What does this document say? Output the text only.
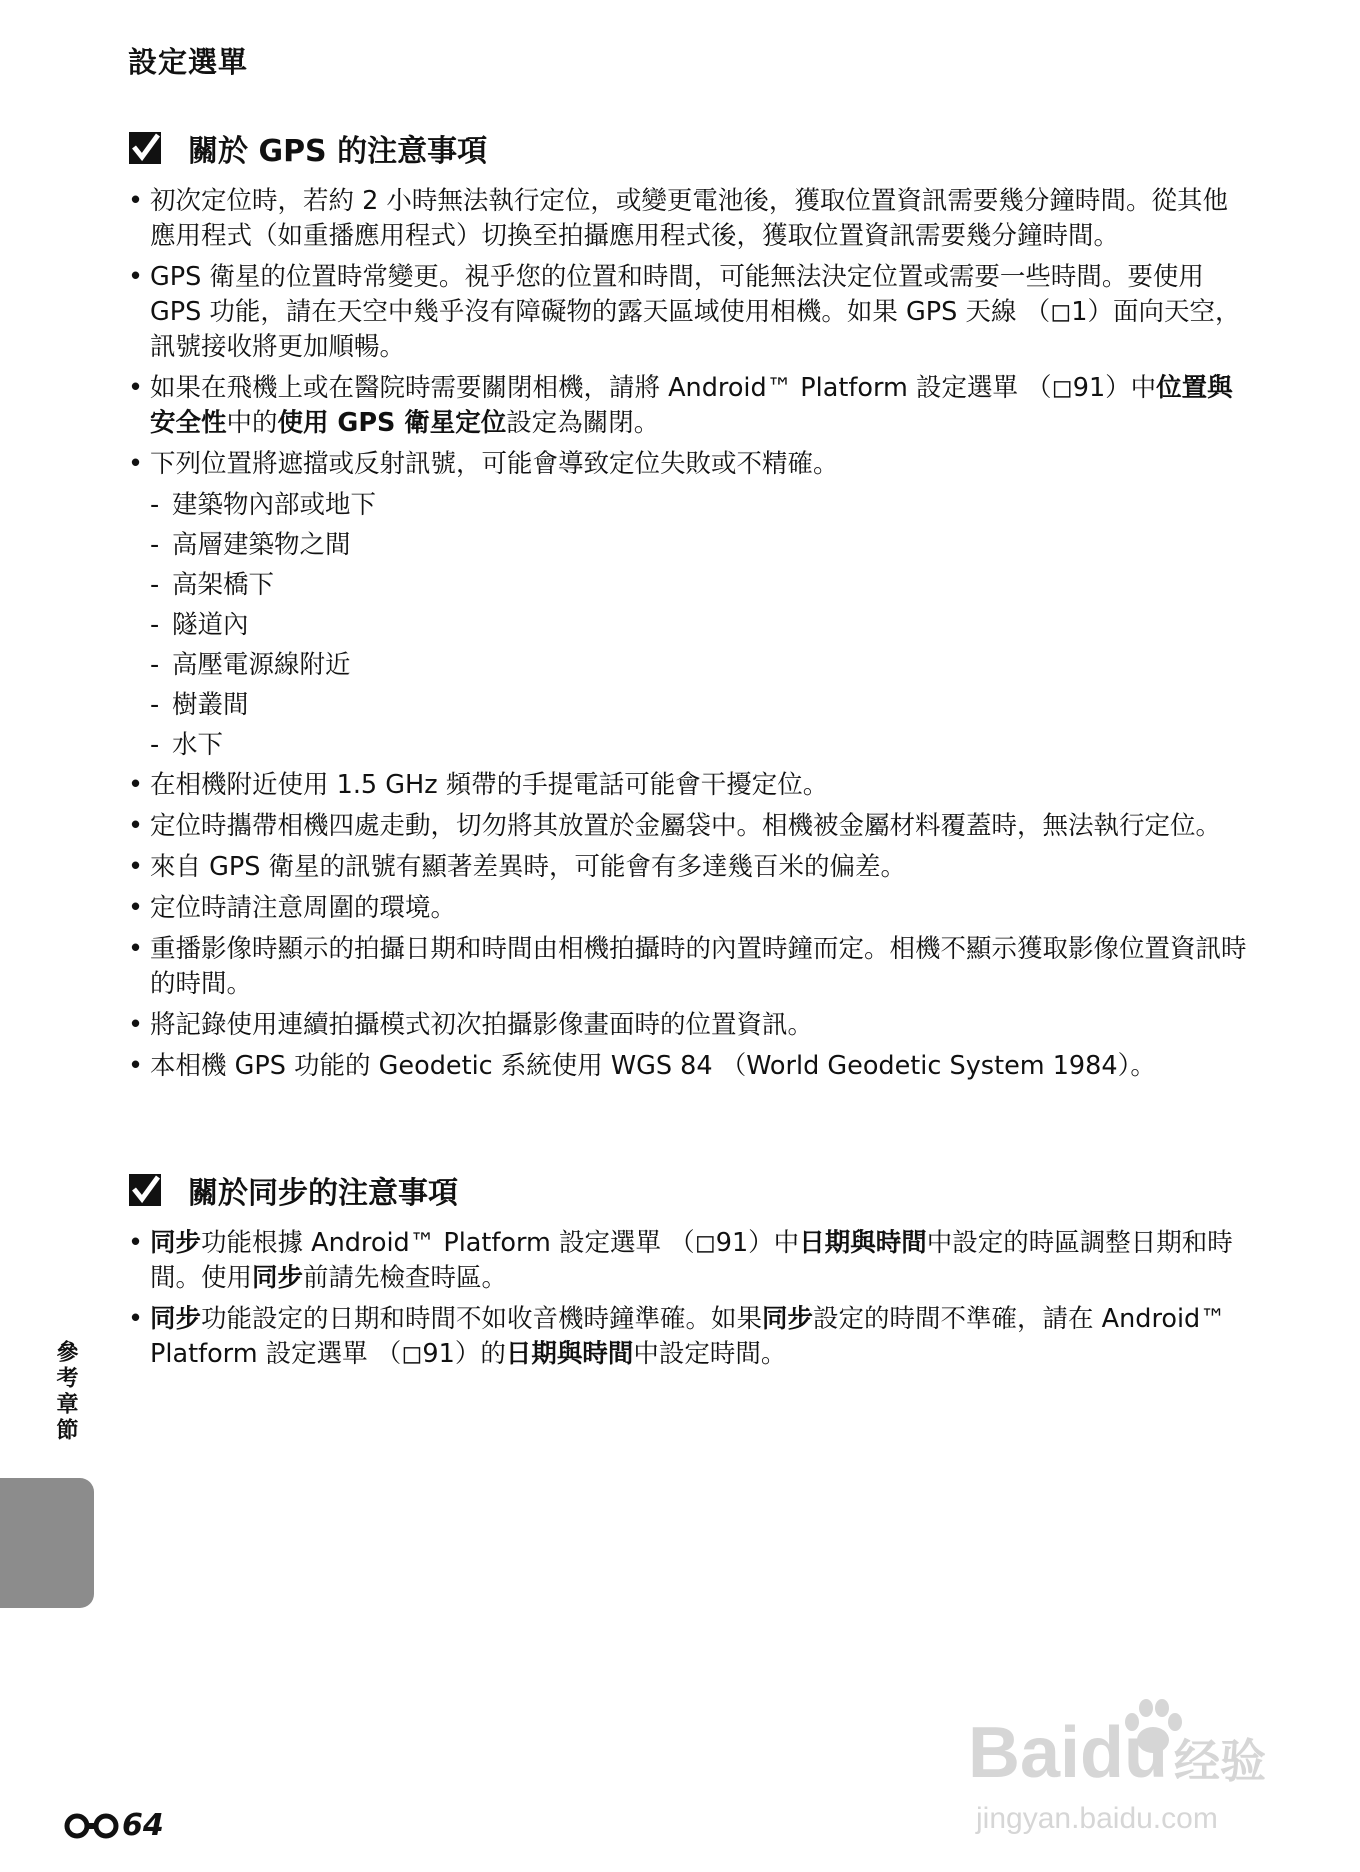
設定選單
關於 GPS 的注意事項
• 初次定位時，若約 2 小時無法執行定位，或變更電池後，獲取位置資訊需要幾分鐘時間。從其他應用程式（如重播應用程式）切換至拍攝應用程式後，獲取位置資訊需要幾分鐘時間。
• GPS 衛星的位置時常變更。視乎您的位置和時間，可能無法決定位置或需要一些時間。要使用 GPS 功能，請在天空中幾乎沒有障礙物的露天區域使用相機。如果 GPS 天線 （◻1）面向天空，訊號接收將更加順暢。
• 如果在飛機上或在醫院時需要關閉相機，請將 Android™ Platform 設定選單 （◻91）中位置與安全性中的使用 GPS 衛星定位設定為關閉。
• 下列位置將遮擋或反射訊號，可能會導致定位失敗或不精確。
- 建築物內部或地下
- 高層建築物之間
- 高架橋下
- 隧道內
- 高壓電源線附近
- 樹叢間
- 水下
• 在相機附近使用 1.5 GHz 頻帶的手提電話可能會干擾定位。
• 定位時攜帶相機四處走動，切勿將其放置於金屬袋中。相機被金屬材料覆蓋時，無法執行定位。
• 來自 GPS 衛星的訊號有顯著差異時，可能會有多達幾百米的偏差。
• 定位時請注意周圍的環境。
• 重播影像時顯示的拍攝日期和時間由相機拍攝時的內置時鐘而定。相機不顯示獲取影像位置資訊時的時間。
• 將記錄使用連續拍攝模式初次拍攝影像畫面時的位置資訊。
• 本相機 GPS 功能的 Geodetic 系統使用 WGS 84 （World Geodetic System 1984）。
關於同步的注意事項
• 同步功能根據 Android™ Platform 設定選單 （◻91）中日期與時間中設定的時區調整日期和時間。使用同步前請先檢查時區。
• 同步功能設定的日期和時間不如收音機時鐘準確。如果同步設定的時間不準確，請在 Android™ Platform 設定選單 （◻91）的日期與時間中設定時間。
參考章節
64
Baidu 经验
jingyan.baidu.com
